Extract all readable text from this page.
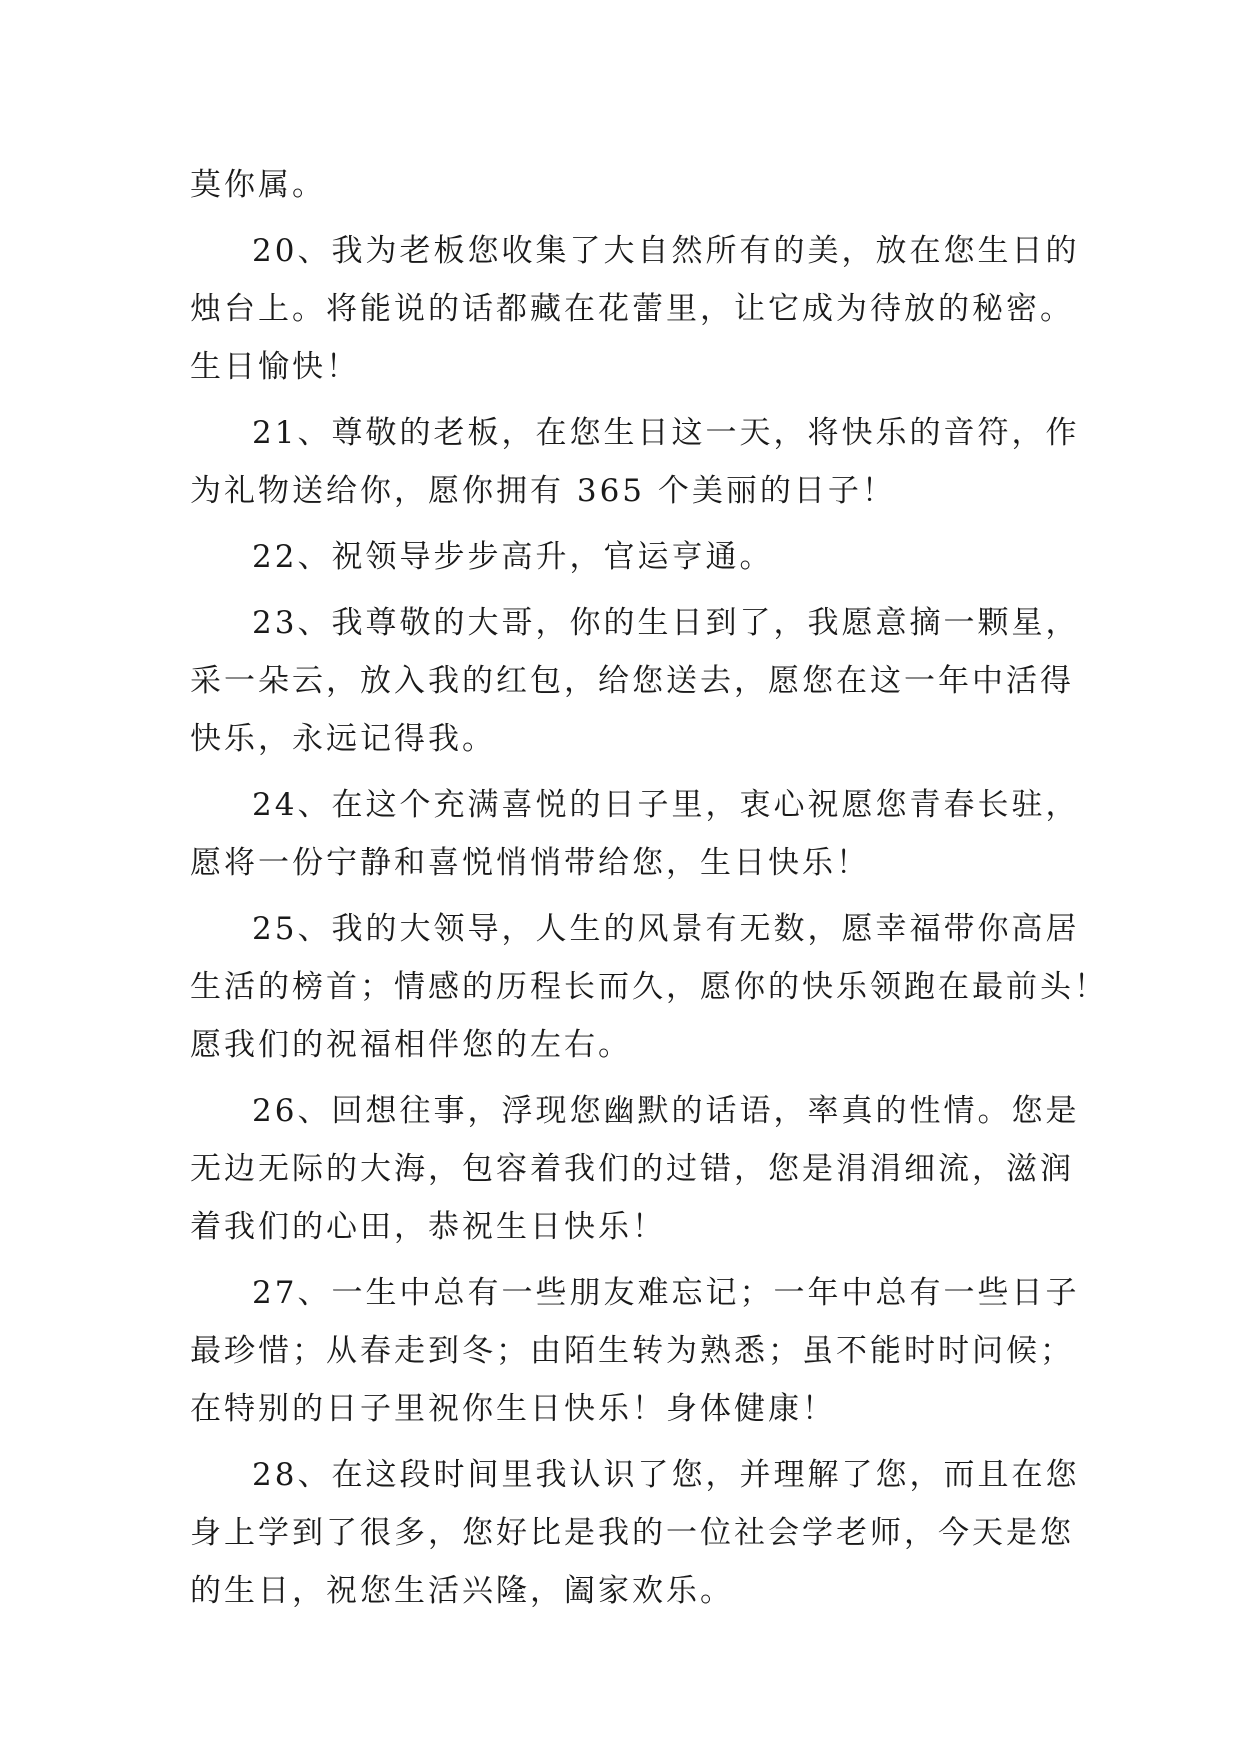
莫你属。

20、我为老板您收集了大自然所有的美，放在您生日的
烛台上。将能说的话都藏在花蕾里，让它成为待放的秘密。
生日愉快！

21、尊敬的老板，在您生日这一天，将快乐的音符，作
为礼物送给你，愿你拥有 365 个美丽的日子！

22、祝领导步步高升，官运亨通。

23、我尊敬的大哥，你的生日到了，我愿意摘一颗星，
采一朵云，放入我的红包，给您送去，愿您在这一年中活得
快乐，永远记得我。

24、在这个充满喜悦的日子里，衷心祝愿您青春长驻，
愿将一份宁静和喜悦悄悄带给您，生日快乐！

25、我的大领导，人生的风景有无数，愿幸福带你高居
生活的榜首；情感的历程长而久，愿你的快乐领跑在最前头！
愿我们的祝福相伴您的左右。

26、回想往事，浮现您幽默的话语，率真的性情。您是
无边无际的大海，包容着我们的过错，您是涓涓细流，滋润
着我们的心田，恭祝生日快乐！

27、一生中总有一些朋友难忘记；一年中总有一些日子
最珍惜；从春走到冬；由陌生转为熟悉；虽不能时时问候；
在特别的日子里祝你生日快乐！身体健康！

28、在这段时间里我认识了您，并理解了您，而且在您
身上学到了很多，您好比是我的一位社会学老师，今天是您
的生日，祝您生活兴隆，阖家欢乐。
